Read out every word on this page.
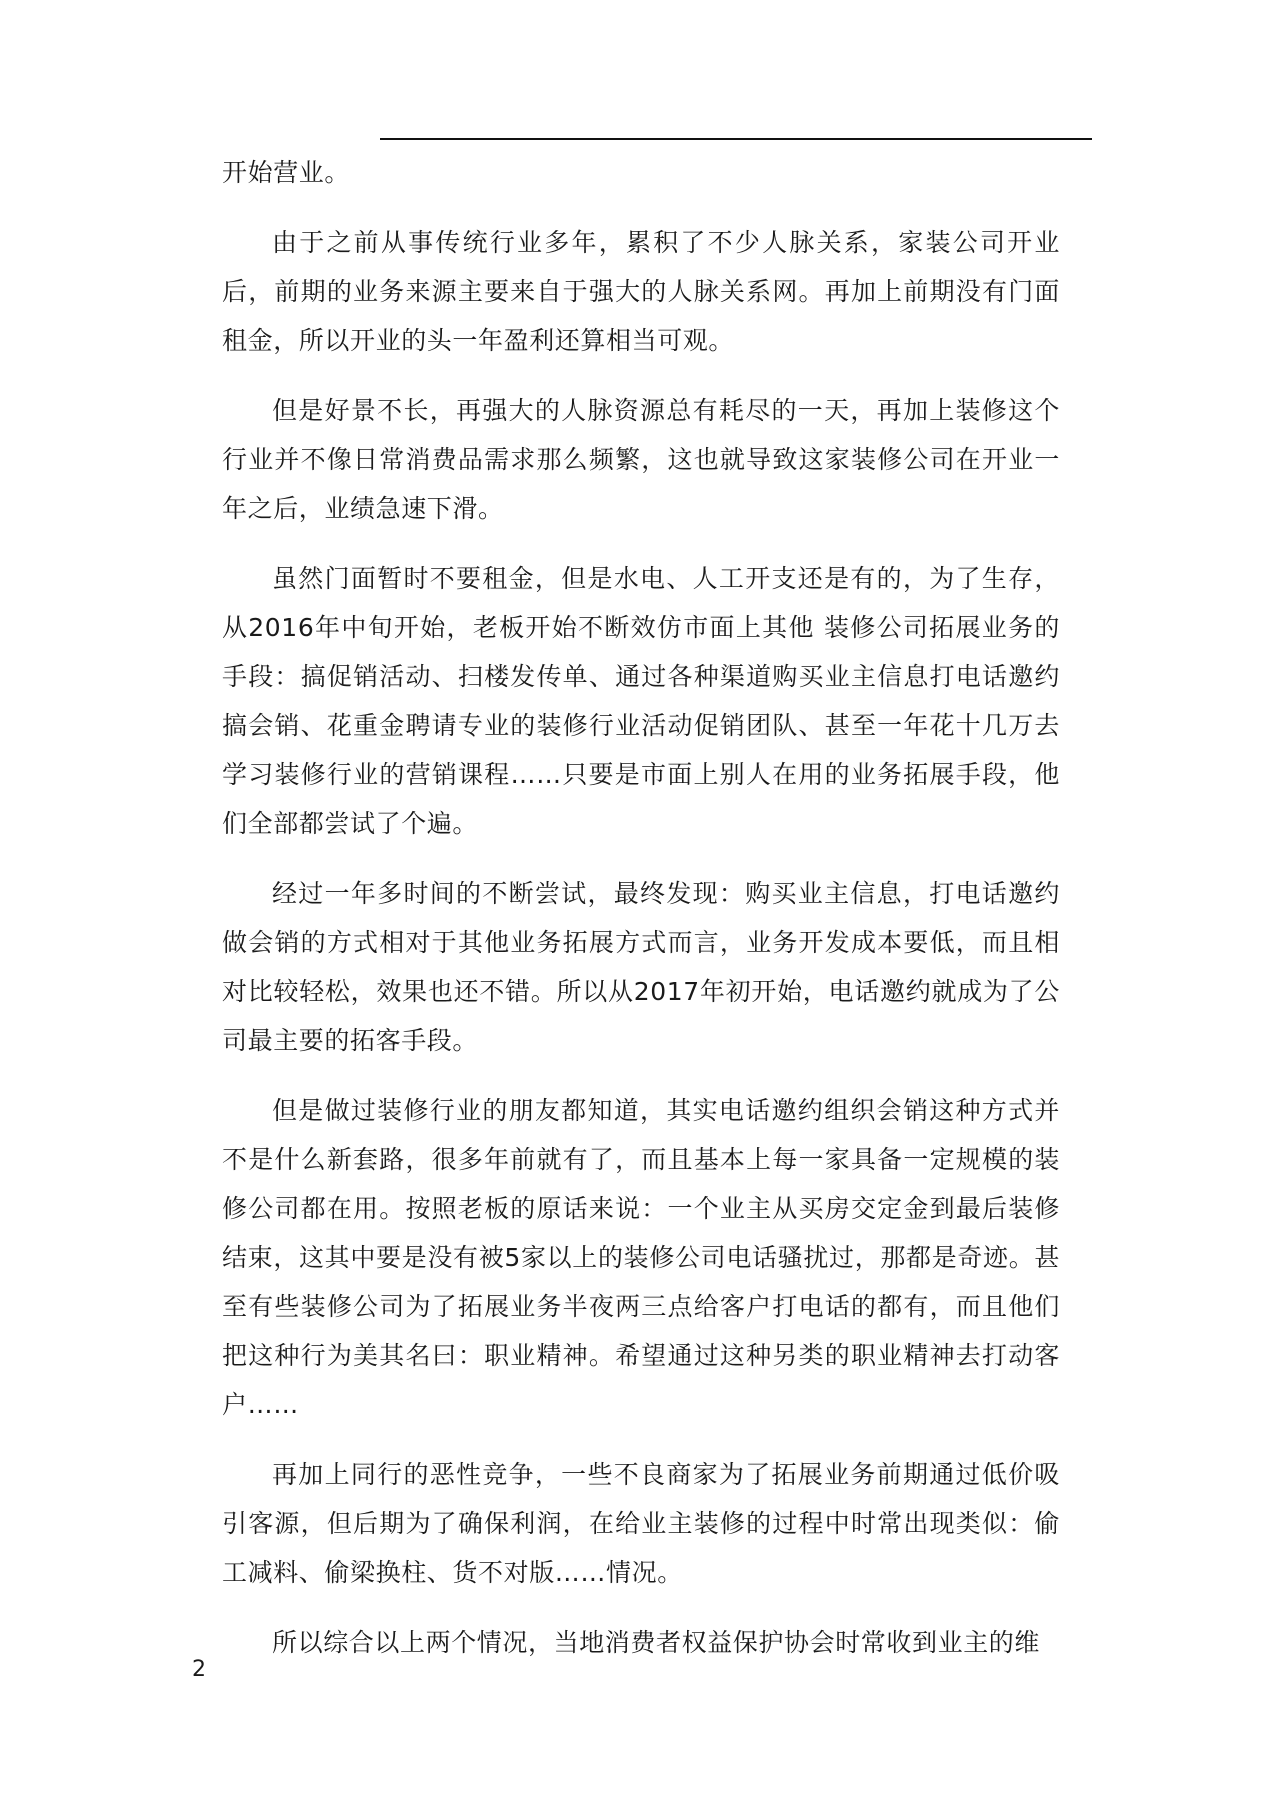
开始营业。

由于之前从事传统行业多年，累积了不少人脉关系，家装公司开业后，前期的业务来源主要来自于强大的人脉关系网。再加上前期没有门面租金，所以开业的头一年盈利还算相当可观。

但是好景不长，再强大的人脉资源总有耗尽的一天，再加上装修这个行业并不像日常消费品需求那么频繁，这也就导致这家装修公司在开业一年之后，业绩急速下滑。

虽然门面暂时不要租金，但是水电、人工开支还是有的，为了生存，从2016年中旬开始，老板开始不断效仿市面上其他 装修公司拓展业务的手段：搞促销活动、扫楼发传单、通过各种渠道购买业主信息打电话邀约搞会销、花重金聘请专业的装修行业活动促销团队、甚至一年花十几万去学习装修行业的营销课程……只要是市面上别人在用的业务拓展手段，他们全部都尝试了个遍。

经过一年多时间的不断尝试，最终发现：购买业主信息，打电话邀约做会销的方式相对于其他业务拓展方式而言，业务开发成本要低，而且相对比较轻松，效果也还不错。所以从2017年初开始，电话邀约就成为了公司最主要的拓客手段。

但是做过装修行业的朋友都知道，其实电话邀约组织会销这种方式并不是什么新套路，很多年前就有了，而且基本上每一家具备一定规模的装修公司都在用。按照老板的原话来说：一个业主从买房交定金到最后装修结束，这其中要是没有被5家以上的装修公司电话骚扰过，那都是奇迹。甚至有些装修公司为了拓展业务半夜两三点给客户打电话的都有，而且他们把这种行为美其名曰：职业精神。希望通过这种另类的职业精神去打动客户……

再加上同行的恶性竞争，一些不良商家为了拓展业务前期通过低价吸引客源，但后期为了确保利润，在给业主装修的过程中时常出现类似：偷工减料、偷梁换柱、货不对版……情况。

所以综合以上两个情况，当地消费者权益保护协会时常收到业主的维

2
